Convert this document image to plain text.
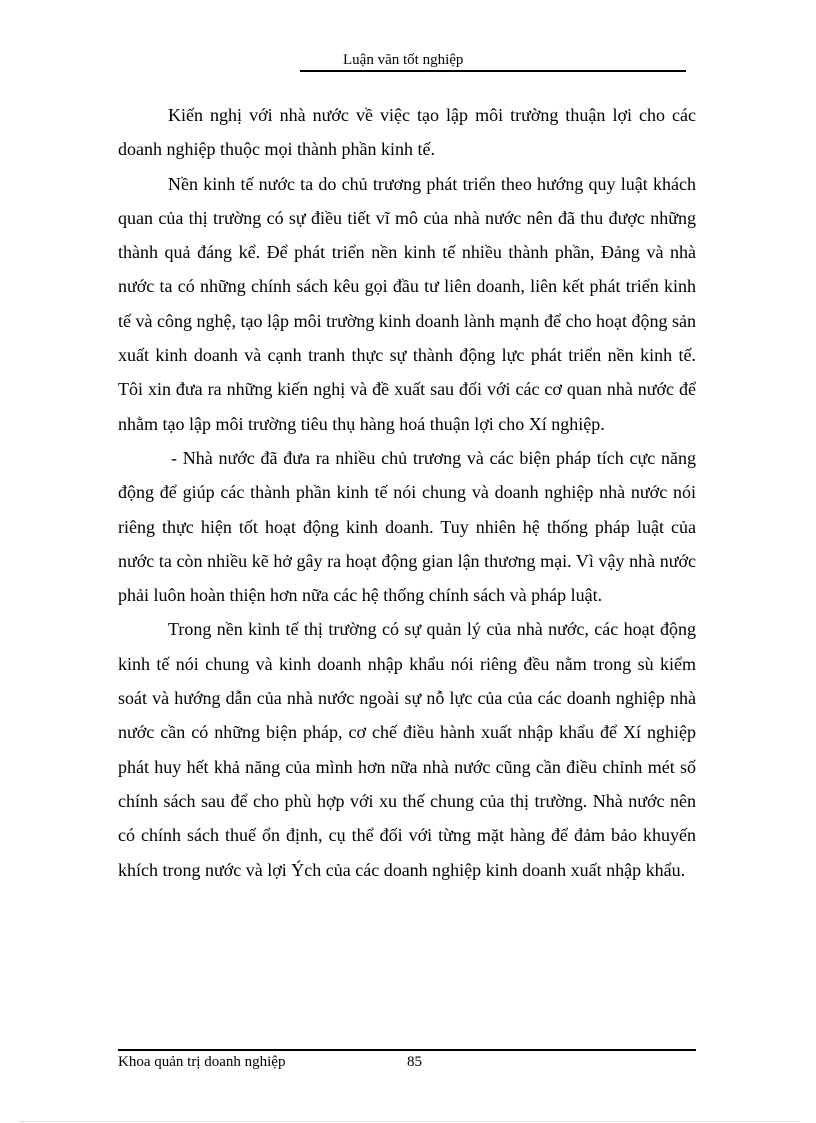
Luận văn tốt nghiệp

Kiến nghị với nhà nước về việc tạo lập môi trường thuận lợi cho các doanh nghiệp thuộc mọi thành phần kinh tế.

Nền kinh tế nước ta do chủ trương phát triển theo hướng quy luật khách quan của thị trường có sự điều tiết vĩ mô của nhà nước nên đã thu được những thành quả đáng kể. Để phát triển nền kinh tế nhiều thành phần, Đảng và nhà nước ta có những chính sách kêu gọi đầu tư liên doanh, liên kết phát triển kinh tế và công nghệ, tạo lập môi trường kinh doanh lành mạnh để cho hoạt động sản xuất kinh doanh và cạnh tranh thực sự thành động lực phát triển nền kinh tế. Tôi xin đưa ra những kiến nghị và đề xuất sau đối với các cơ quan nhà nước để nhằm tạo lập môi trường tiêu thụ hàng hoá thuận lợi cho Xí nghiệp.

- Nhà nước đã đưa ra nhiều chủ trương và các biện pháp tích cực năng động để giúp các thành phần kinh tế nói chung và doanh nghiệp nhà nước nói riêng thực hiện tốt hoạt động kinh doanh. Tuy nhiên hệ thống pháp luật của nước ta còn nhiều kẽ hở gây ra hoạt động gian lận thương mại. Vì vậy nhà nước phải luôn hoàn thiện hơn nữa các hệ thống chính sách và pháp luật.

Trong nền kinh tế thị trường có sự quản lý của nhà nước, các hoạt động kinh tế nói chung và kinh doanh nhập khẩu nói riêng đều nằm trong sù kiểm soát và hướng dẫn của nhà nước ngoài sự nỗ lực của của các doanh nghiệp nhà nước cần có những biện pháp, cơ chế điều hành xuất nhập khẩu để Xí nghiệp phát huy hết khả năng của mình hơn nữa nhà nước cũng cần điều chỉnh mét số chính sách sau để cho phù hợp với xu thế chung của thị trường. Nhà nước nên có chính sách thuế ổn định, cụ thể đối với từng mặt hàng để đảm bảo khuyến khích trong nước và lợi Ých của các doanh nghiệp kinh doanh xuất nhập khẩu.

Khoa quản trị doanh nghiệp	85
